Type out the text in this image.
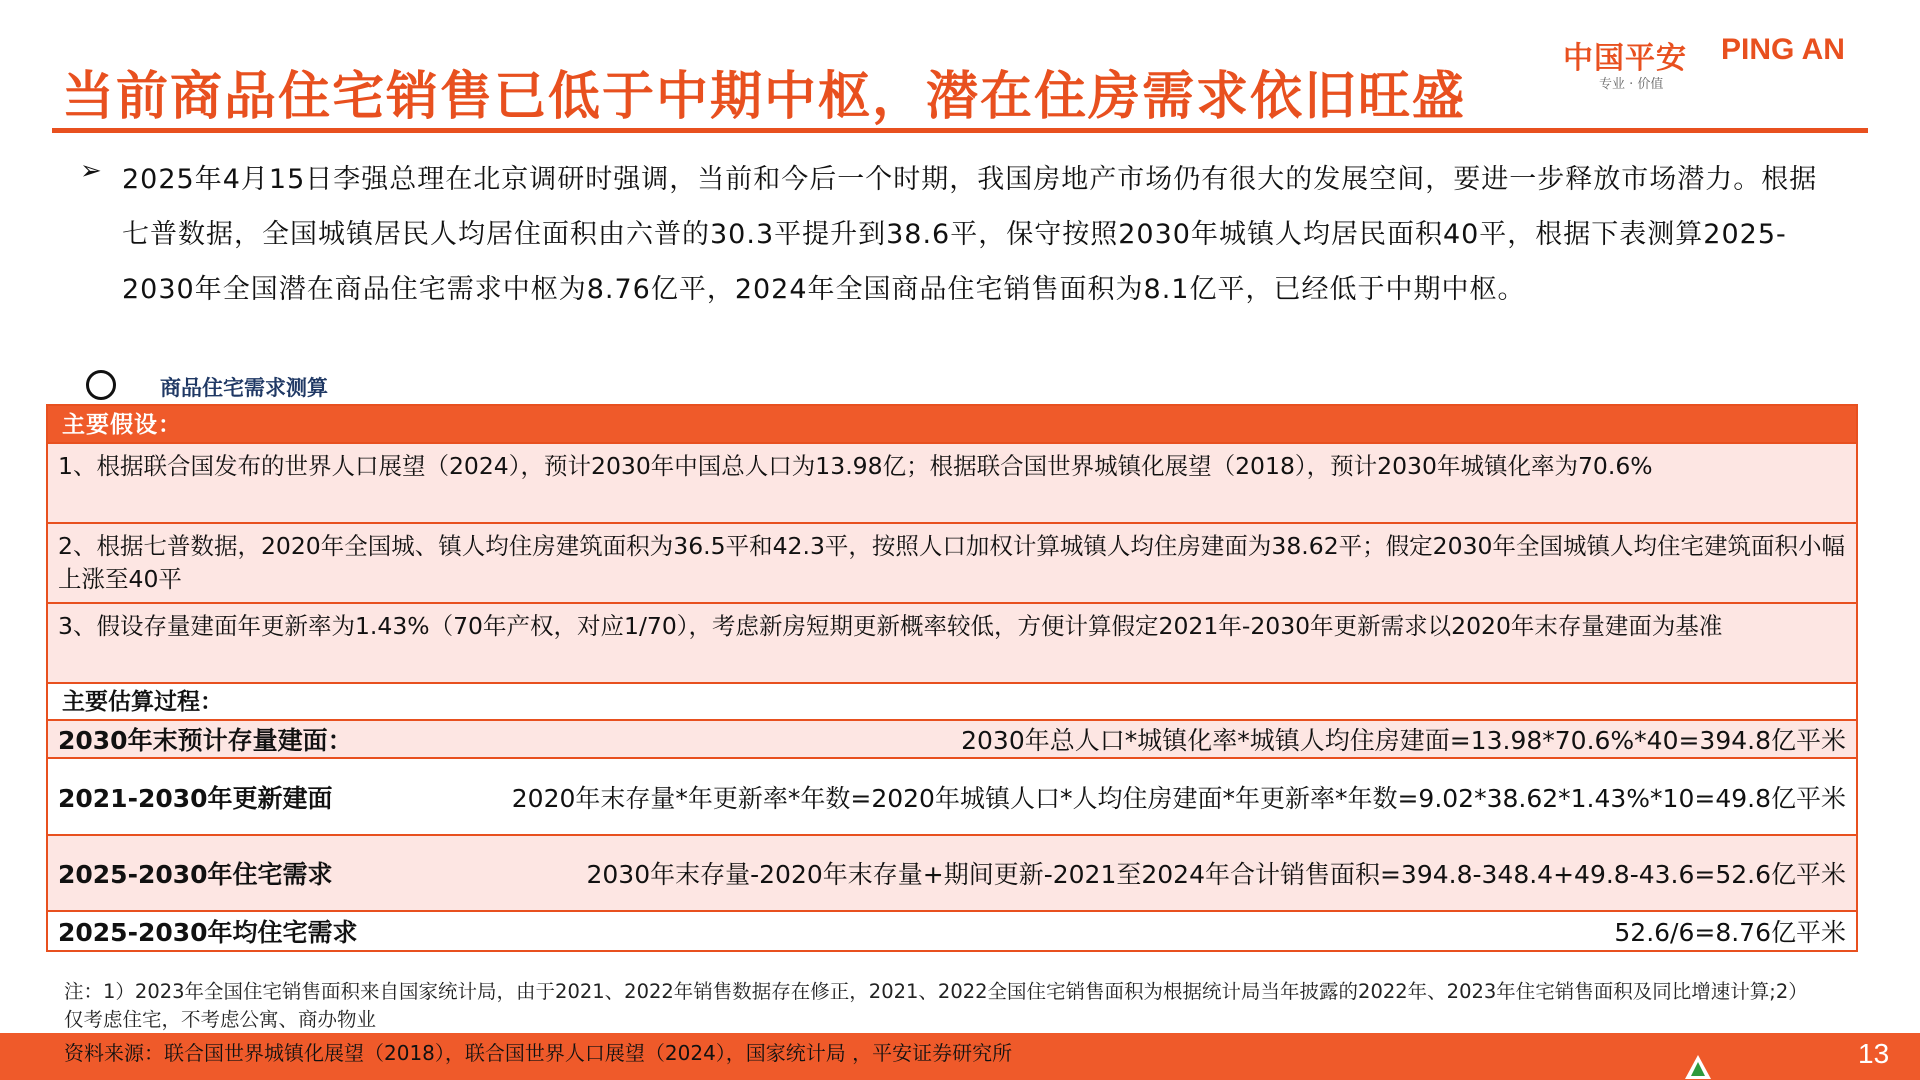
当前商品住宅销售已低于中期中枢，潜在住房需求依旧旺盛
中国平安 PING AN
专业 · 价值
➢ 2025年4月15日李强总理在北京调研时强调，当前和今后一个时期，我国房地产市场仍有很大的发展空间，要进一步释放市场潜力。根据七普数据，全国城镇居民人均居住面积由六普的30.3平提升到38.6平，保守按照2030年城镇人均居民面积40平，根据下表测算2025-2030年全国潜在商品住宅需求中枢为8.76亿平，2024年全国商品住宅销售面积为8.1亿平，已经低于中期中枢。
商品住宅需求测算
主要假设：
1、根据联合国发布的世界人口展望（2024），预计2030年中国总人口为13.98亿；根据联合国世界城镇化展望（2018），预计2030年城镇化率为70.6%
2、根据七普数据，2020年全国城、镇人均住房建筑面积为36.5平和42.3平，按照人口加权计算城镇人均住房建面为38.62平；假定2030年全国城镇人均住宅建筑面积小幅上涨至40平
3、假设存量建面年更新率为1.43%（70年产权，对应1/70），考虑新房短期更新概率较低，方便计算假定2021年-2030年更新需求以2020年末存量建面为基准
主要估算过程：
2030年末预计存量建面：	2030年总人口*城镇化率*城镇人均住房建面=13.98*70.6%*40=394.8亿平米
2021-2030年更新建面	2020年末存量*年更新率*年数=2020年城镇人口*人均住房建面*年更新率*年数=9.02*38.62*1.43%*10=49.8亿平米
2025-2030年住宅需求	2030年末存量-2020年末存量+期间更新-2021至2024年合计销售面积=394.8-348.4+49.8-43.6=52.6亿平米
2025-2030年均住宅需求	52.6/6=8.76亿平米
注：1）2023年全国住宅销售面积来自国家统计局，由于2021、2022年销售数据存在修正，2021、2022全国住宅销售面积为根据统计局当年披露的2022年、2023年住宅销售面积及同比增速计算;2）仅考虑住宅，不考虑公寓、商办物业
资料来源：联合国世界城镇化展望（2018），联合国世界人口展望（2024），国家统计局 ，平安证券研究所	13
